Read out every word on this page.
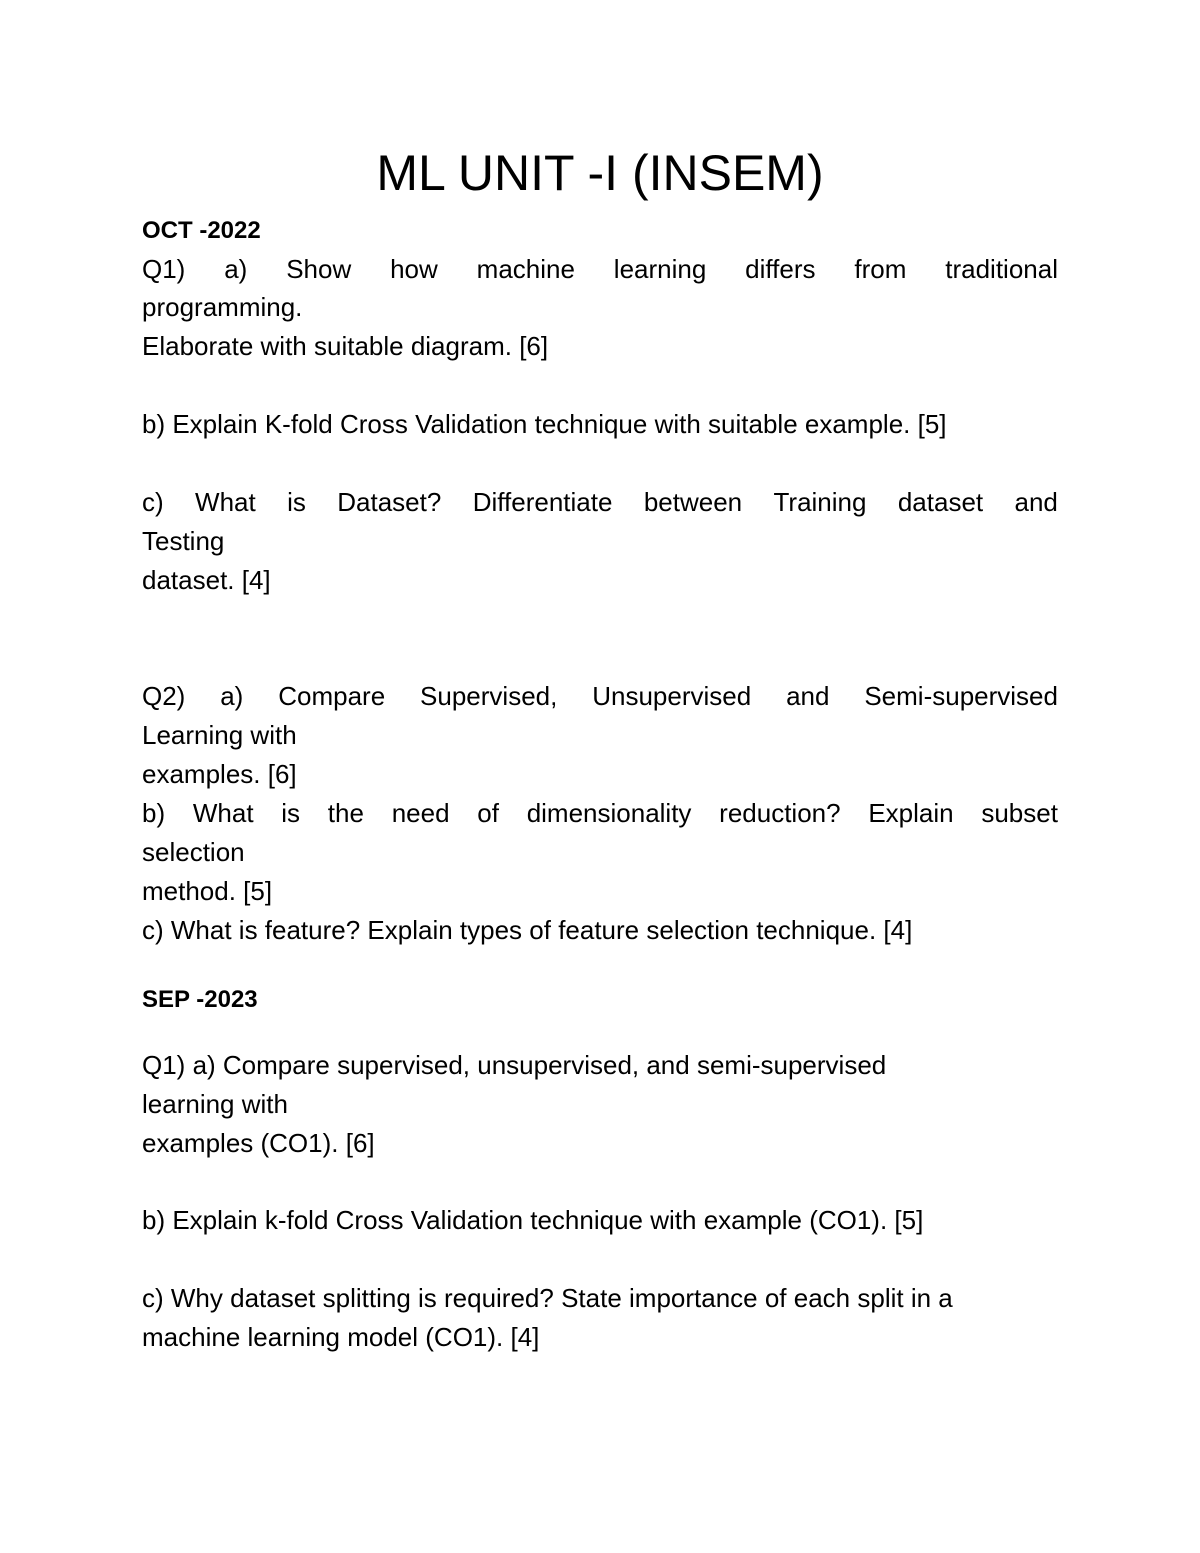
ML UNIT -I (INSEM)

OCT -2022

Q1) a) Show how machine learning differs from traditional

programming.

Elaborate with suitable diagram. [6]

b) Explain K-fold Cross Validation technique with suitable example. [5]

c) What is Dataset? Differentiate between Training dataset and

Testing

dataset. [4]

Q2) a) Compare Supervised, Unsupervised and Semi-supervised

Learning with

examples. [6]

b) What is the need of dimensionality reduction? Explain subset

selection

method. [5]

c) What is feature? Explain types of feature selection technique. [4]

SEP -2023

Q1) a) Compare supervised, unsupervised, and semi-supervised

learning with

examples (CO1). [6]

b) Explain k-fold Cross Validation technique with example (CO1). [5]

c) Why dataset splitting is required? State importance of each split in a

machine learning model (CO1). [4]
